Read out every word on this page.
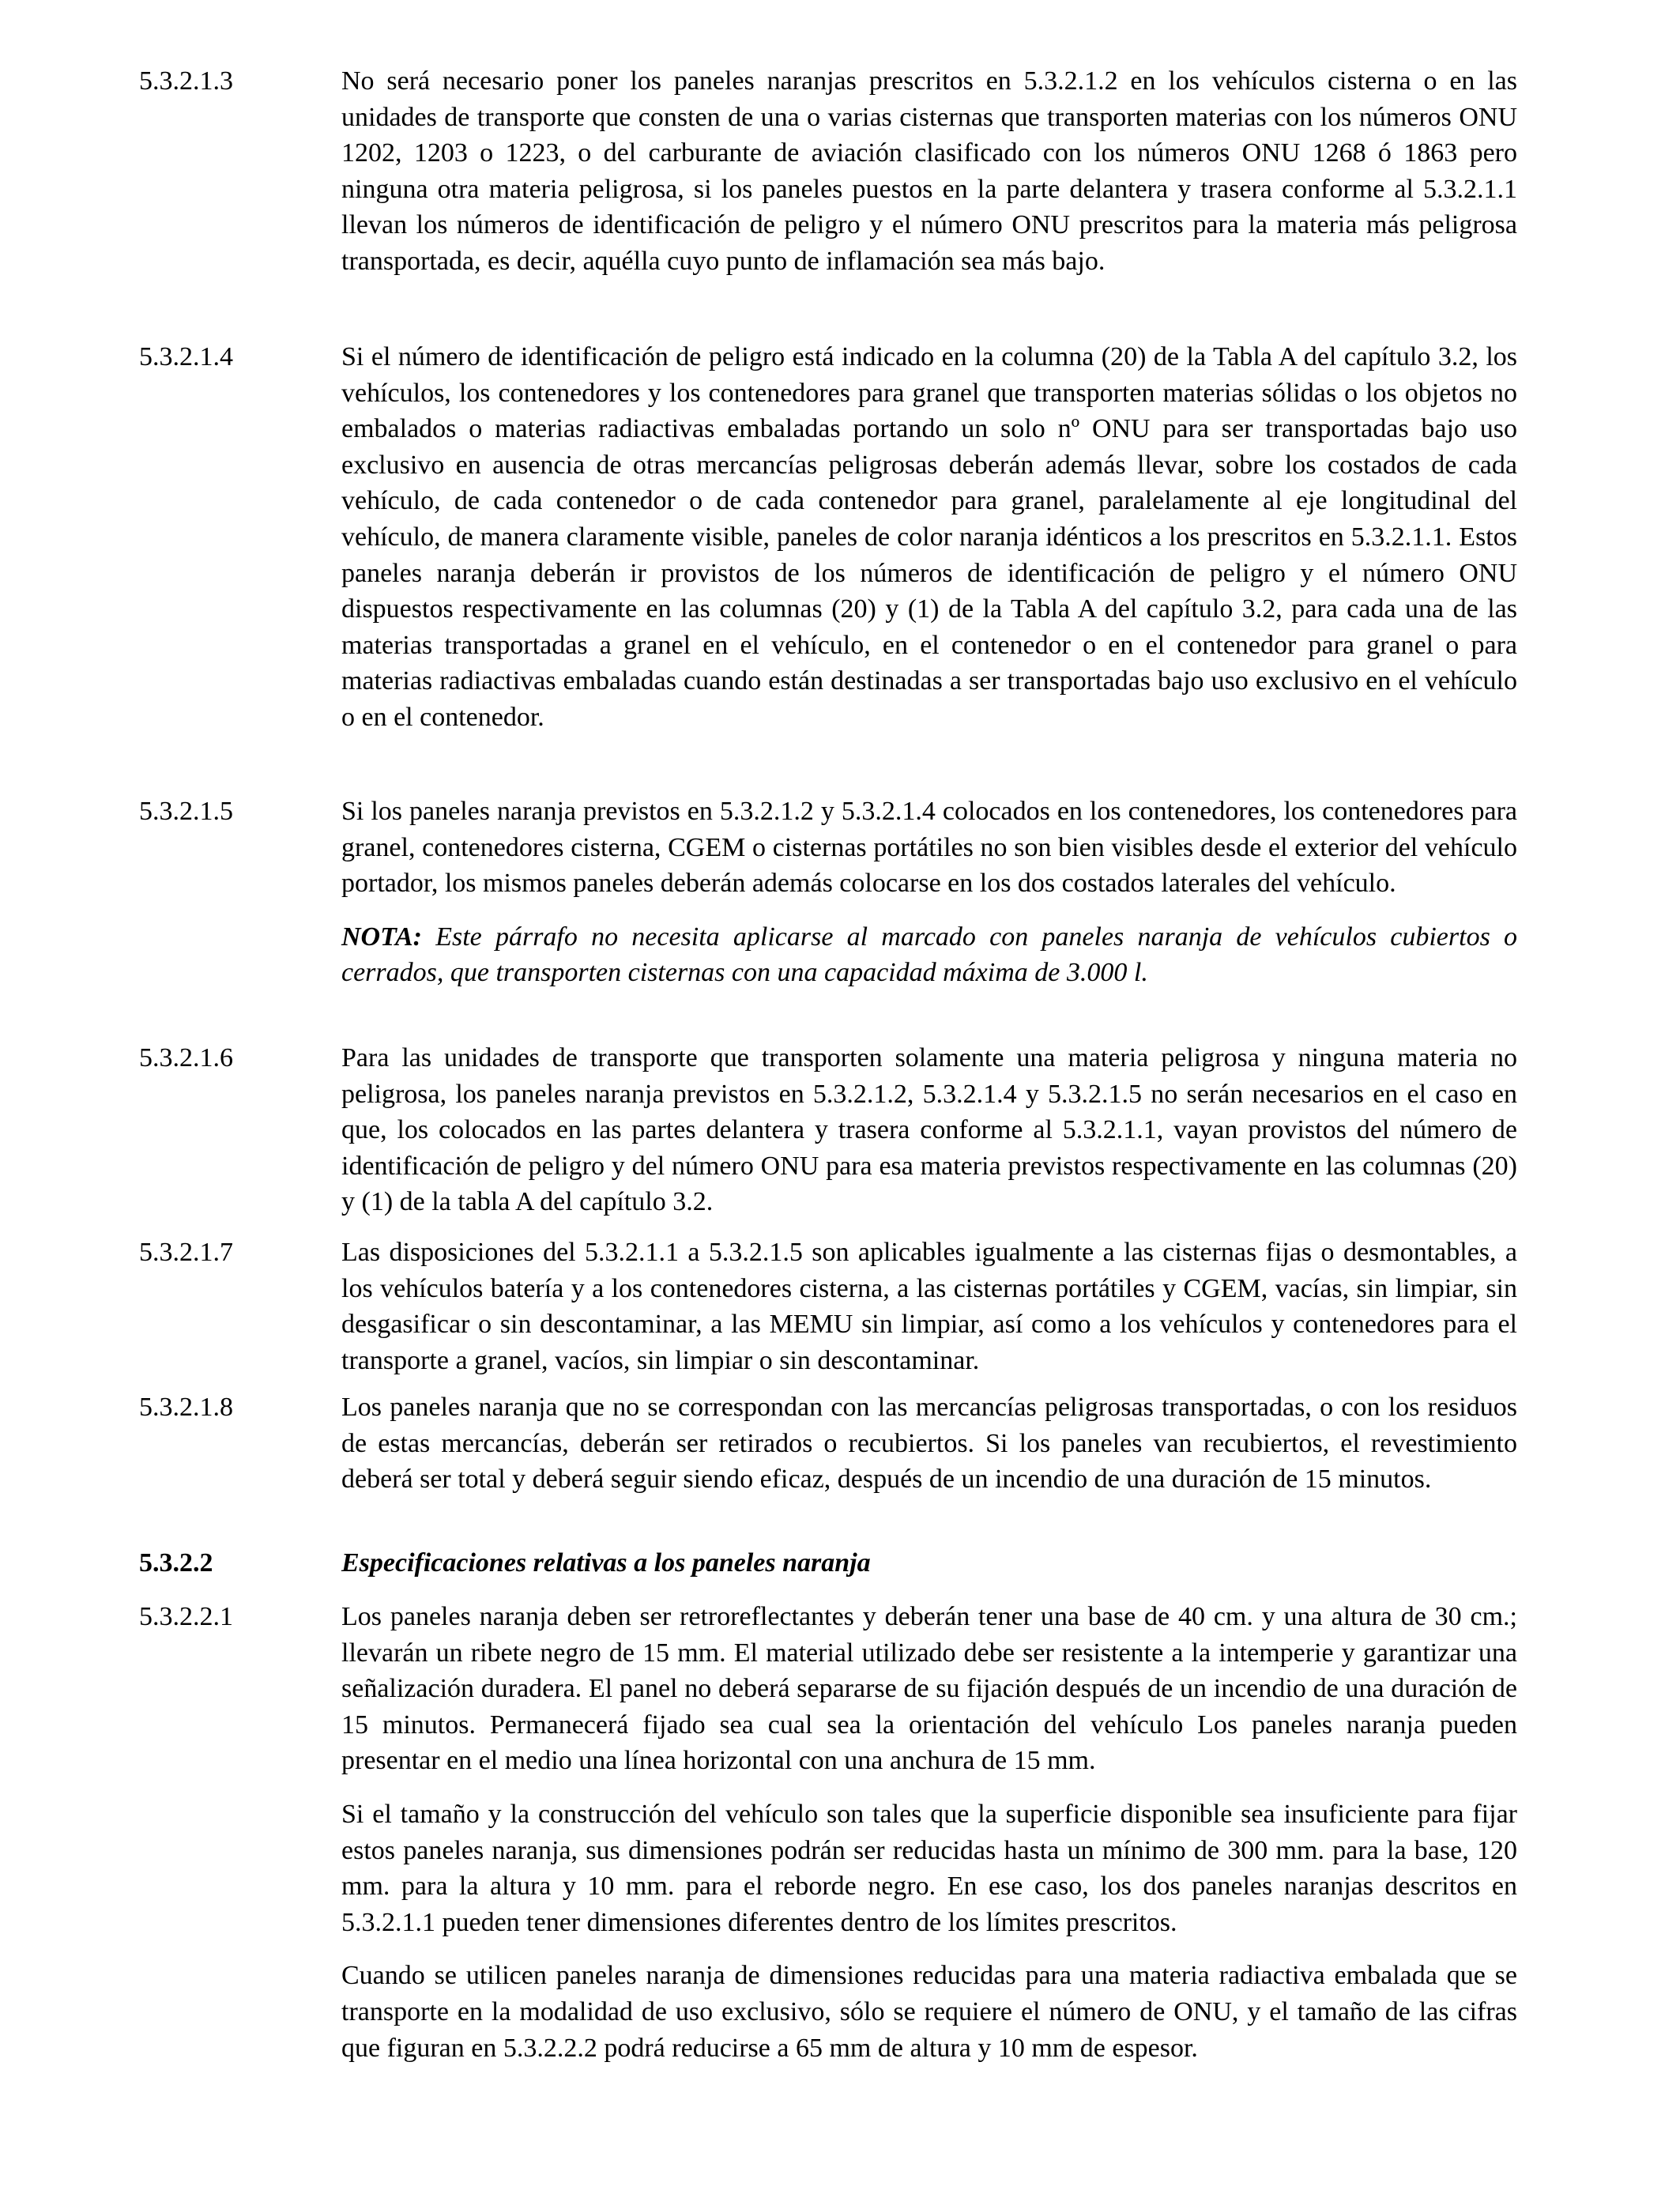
5.3.2.1.3	No será necesario poner los paneles naranjas prescritos en 5.3.2.1.2 en los vehículos cisterna o en las unidades de transporte que consten de una o varias cisternas que transporten materias con los números ONU 1202, 1203 o 1223, o del carburante de aviación clasificado con los números ONU 1268 ó 1863 pero ninguna otra materia peligrosa, si los paneles puestos en la parte delantera y trasera conforme al 5.3.2.1.1 llevan los números de identificación de peligro y el número ONU prescritos para la materia más peligrosa transportada, es decir, aquélla cuyo punto de inflamación sea más bajo.

5.3.2.1.4	Si el número de identificación de peligro está indicado en la columna (20) de la Tabla A del capítulo 3.2, los vehículos, los contenedores y los contenedores para granel que transporten materias sólidas o los objetos no embalados o materias radiactivas embaladas portando un solo nº ONU para ser transportadas bajo uso exclusivo en ausencia de otras mercancías peligrosas deberán además llevar, sobre los costados de cada vehículo, de cada contenedor o de cada contenedor para granel, paralelamente al eje longitudinal del vehículo, de manera claramente visible, paneles de color naranja idénticos a los prescritos en 5.3.2.1.1. Estos paneles naranja deberán ir provistos de los números de identificación de peligro y el número ONU dispuestos respectivamente en las columnas (20) y (1) de la Tabla A del capítulo 3.2, para cada una de las materias transportadas a granel en el vehículo, en el contenedor o en el contenedor para granel o para materias radiactivas embaladas cuando están destinadas a ser transportadas bajo uso exclusivo en el vehículo o en el contenedor.

5.3.2.1.5	Si los paneles naranja previstos en 5.3.2.1.2 y 5.3.2.1.4 colocados en los contenedores, los contenedores para granel, contenedores cisterna, CGEM o cisternas portátiles no son bien visibles desde el exterior del vehículo portador, los mismos paneles deberán además colocarse en los dos costados laterales del vehículo.

NOTA: Este párrafo no necesita aplicarse al marcado con paneles naranja de vehículos cubiertos o cerrados, que transporten cisternas con una capacidad máxima de 3.000 l.

5.3.2.1.6	Para las unidades de transporte que transporten solamente una materia peligrosa y ninguna materia no peligrosa, los paneles naranja previstos en 5.3.2.1.2, 5.3.2.1.4 y 5.3.2.1.5 no serán necesarios en el caso en que, los colocados en las partes delantera y trasera conforme al 5.3.2.1.1, vayan provistos del número de identificación de peligro y del número ONU para esa materia previstos respectivamente en las columnas (20) y (1) de la tabla A del capítulo 3.2.

5.3.2.1.7	Las disposiciones del 5.3.2.1.1 a 5.3.2.1.5 son aplicables igualmente a las cisternas fijas o desmontables, a los vehículos batería y a los contenedores cisterna, a las cisternas portátiles y CGEM, vacías, sin limpiar, sin desgasificar o sin descontaminar, a las MEMU sin limpiar, así como a los vehículos y contenedores para el transporte a granel, vacíos, sin limpiar o sin descontaminar.

5.3.2.1.8	Los paneles naranja que no se correspondan con las mercancías peligrosas transportadas, o con los residuos de estas mercancías, deberán ser retirados o recubiertos. Si los paneles van recubiertos, el revestimiento deberá ser total y deberá seguir siendo eficaz, después de un incendio de una duración de 15 minutos.

5.3.2.2	Especificaciones relativas a los paneles naranja
5.3.2.2.1	Los paneles naranja deben ser retroreflectantes y deberán tener una base de 40 cm. y una altura de 30 cm.; llevarán un ribete negro de 15 mm. El material utilizado debe ser resistente a la intemperie y garantizar una señalización duradera. El panel no deberá separarse de su fijación después de un incendio de una duración de 15 minutos. Permanecerá fijado sea cual sea la orientación del vehículo Los paneles naranja pueden presentar en el medio una línea horizontal con una anchura de 15 mm.

Si el tamaño y la construcción del vehículo son tales que la superficie disponible sea insuficiente para fijar estos paneles naranja, sus dimensiones podrán ser reducidas hasta un mínimo de 300 mm. para la base, 120 mm. para la altura y 10 mm. para el reborde negro. En ese caso, los dos paneles naranjas descritos en 5.3.2.1.1 pueden tener dimensiones diferentes dentro de los límites prescritos.

Cuando se utilicen paneles naranja de dimensiones reducidas para una materia radiactiva embalada que se transporte en la modalidad de uso exclusivo, sólo se requiere el número de ONU, y el tamaño de las cifras que figuran en 5.3.2.2.2 podrá reducirse a 65 mm de altura y 10 mm de espesor.
